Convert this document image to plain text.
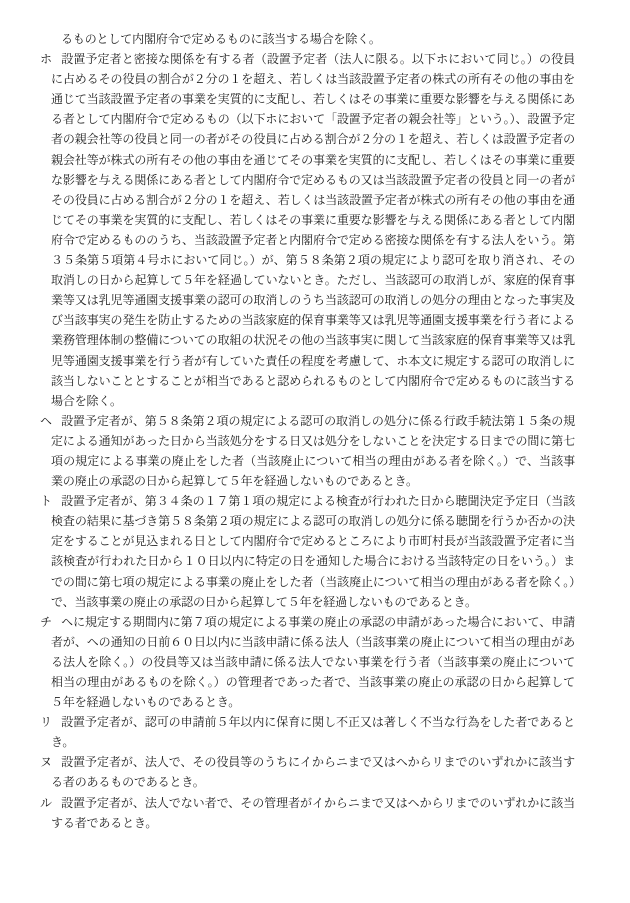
るものとして内閣府令で定めるものに該当する場合を除く。

ホ 設置予定者と密接な関係を有する者（設置予定者（法人に限る。以下ホにおいて同じ。）の役員に占めるその役員の割合が２分の１を超え、若しくは当該設置予定者の株式の所有その他の事由を通じて当該設置予定者の事業を実質的に支配し、若しくはその事業に重要な影響を与える関係にある者として内閣府令で定めるもの（以下ホにおいて「設置予定者の親会社等」という。）、設置予定者の親会社等の役員と同一の者がその役員に占める割合が２分の１を超え、若しくは設置予定者の親会社等が株式の所有その他の事由を通じてその事業を実質的に支配し、若しくはその事業に重要な影響を与える関係にある者として内閣府令で定めるもの又は当該設置予定者の役員と同一の者がその役員に占める割合が２分の１を超え、若しくは当該設置予定者が株式の所有その他の事由を通じてその事業を実質的に支配し、若しくはその事業に重要な影響を与える関係にある者として内閣府令で定めるもののうち、当該設置予定者と内閣府令で定める密接な関係を有する法人をいう。第３５条第５項第４号ホにおいて同じ。）が、第５８条第２項の規定により認可を取り消され、その取消しの日から起算して５年を経過していないとき。ただし、当該認可の取消しが、家庭的保育事業等又は乳児等通園支援事業の認可の取消しのうち当該認可の取消しの処分の理由となった事実及び当該事実の発生を防止するための当該家庭的保育事業等又は乳児等通園支援事業を行う者による業務管理体制の整備についての取組の状況その他の当該事実に関して当該家庭的保育事業等又は乳児等通園支援事業を行う者が有していた責任の程度を考慮して、ホ本文に規定する認可の取消しに該当しないこととすることが相当であると認められるものとして内閣府令で定めるものに該当する場合を除く。

ヘ 設置予定者が、第５８条第２項の規定による認可の取消しの処分に係る行政手続法第１５条の規定による通知があった日から当該処分をする日又は処分をしないことを決定する日までの間に第七項の規定による事業の廃止をした者（当該廃止について相当の理由がある者を除く。）で、当該事業の廃止の承認の日から起算して５年を経過しないものであるとき。

ト 設置予定者が、第３４条の１７第１項の規定による検査が行われた日から聴聞決定予定日（当該検査の結果に基づき第５８条第２項の規定による認可の取消しの処分に係る聴聞を行うか否かの決定をすることが見込まれる日として内閣府令で定めるところにより市町村長が当該設置予定者に当該検査が行われた日から１０日以内に特定の日を通知した場合における当該特定の日をいう。）までの間に第七項の規定による事業の廃止をした者（当該廃止について相当の理由がある者を除く。）で、当該事業の廃止の承認の日から起算して５年を経過しないものであるとき。

チ ヘに規定する期間内に第７項の規定による事業の廃止の承認の申請があった場合において、申請者が、ヘの通知の日前６０日以内に当該申請に係る法人（当該事業の廃止について相当の理由がある法人を除く。）の役員等又は当該申請に係る法人でない事業を行う者（当該事業の廃止について相当の理由があるものを除く。）の管理者であった者で、当該事業の廃止の承認の日から起算して５年を経過しないものであるとき。

リ 設置予定者が、認可の申請前５年以内に保育に関し不正又は著しく不当な行為をした者であるとき。

ヌ 設置予定者が、法人で、その役員等のうちにイからニまで又はヘからリまでのいずれかに該当する者のあるものであるとき。

ル 設置予定者が、法人でない者で、その管理者がイからニまで又はヘからリまでのいずれかに該当する者であるとき。
